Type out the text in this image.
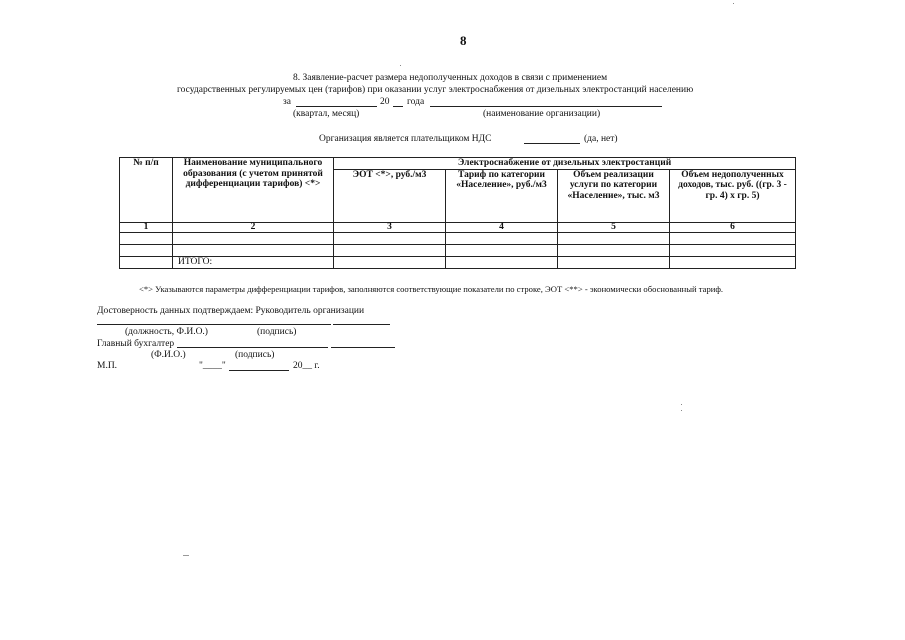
8
8. Заявление-расчет размера недополученных доходов в связи с применением
государственных регулируемых цен (тарифов) при оказании услуг электроснабжения от дизельных электростанций населению
за	20 года
(квартал, месяц)	(наименование организации)
Организация является плательщиком НДС	(да, нет)
№ п/п	Наименование муниципального образования (с учетом принятой дифференциации тарифов) <*>	Электроснабжение от дизельных электростанций			
		ЭОТ <*>, руб./м3	Тариф по категории «Население», руб./м3	Объем реализации услуги по категории «Население», тыс. м3	Объем недополученных доходов, тыс. руб. ((гр. 3 - гр. 4) х гр. 5)
1	2	3	4	5	6

	ИТОГО:				
<*> Указываются параметры дифференциации тарифов, заполняются соответствующие показатели по строке, ЭОТ <**> - экономически обоснованный тариф.
Достоверность данных подтверждаем: Руководитель организации
(должность, Ф.И.О.)	(подпись)
Главный бухгалтер
(Ф.И.О.)	(подпись)
М.П.	"____"	20__ г.
